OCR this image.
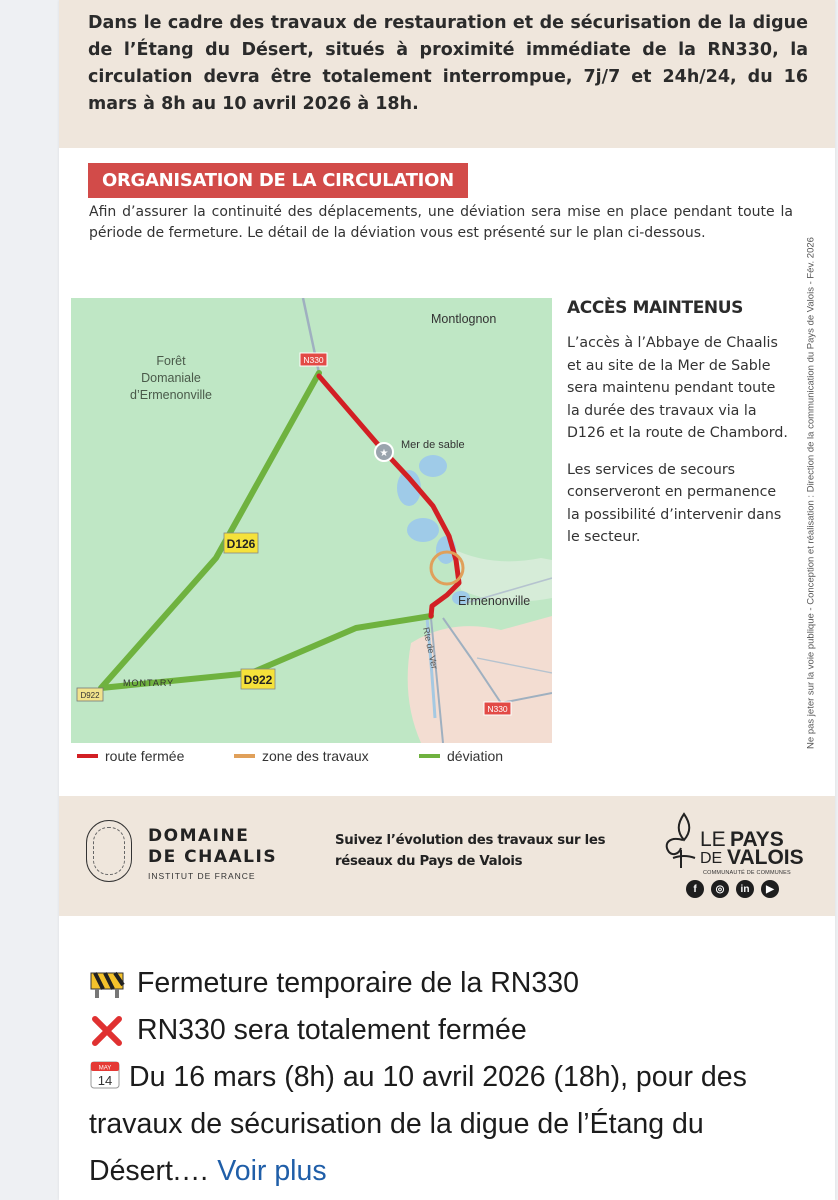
Dans le cadre des travaux de restauration et de sécurisation de la digue de l’Étang du Désert, situés à proximité immédiate de la RN330, la circulation devra être totalement interrompue, 7j/7 et 24h/24, du 16 mars à 8h au 10 avril 2026 à 18h.
ORGANISATION DE LA CIRCULATION
Afin d’assurer la continuité des déplacements, une déviation sera mise en place pendant toute la période de fermeture. Le détail de la déviation vous est présenté sur le plan ci-dessous.
Ne pas jeter sur la voie publique - Conception et réalisation : Direction de la communication du Pays de Valois - Fév. 2026
★
Montlognon
Forêt
Domaniale
d’Ermenonville
Mer de sable
Ermenonville
MONTARY
Rte de Ver
N330
N330
D922
D126
D922
route fermée	zone des travaux	déviation
ACCÈS MAINTENUS

L’accès à l’Abbaye de Chaalis et au site de la Mer de Sable sera maintenu pendant toute la durée des travaux via la D126 et la route de Chambord.

Les services de secours conserveront en permanence la possibilité d’intervenir dans le secteur.

DOMAINE
DE CHAALIS
INSTITUT DE FRANCE
Suivez l’évolution des travaux sur les réseaux du Pays de Valois
LE PAYS
DE VALOIS
COMMUNAUTÉ DE COMMUNES
f	◎	in	▶
Fermeture temporaire de la RN330
RN330 sera totalement fermée
MAY
14 Du 16 mars (8h) au 10 avril 2026 (18h), pour des travaux de sécurisation de la digue de l’Étang du Désert.… Voir plus
